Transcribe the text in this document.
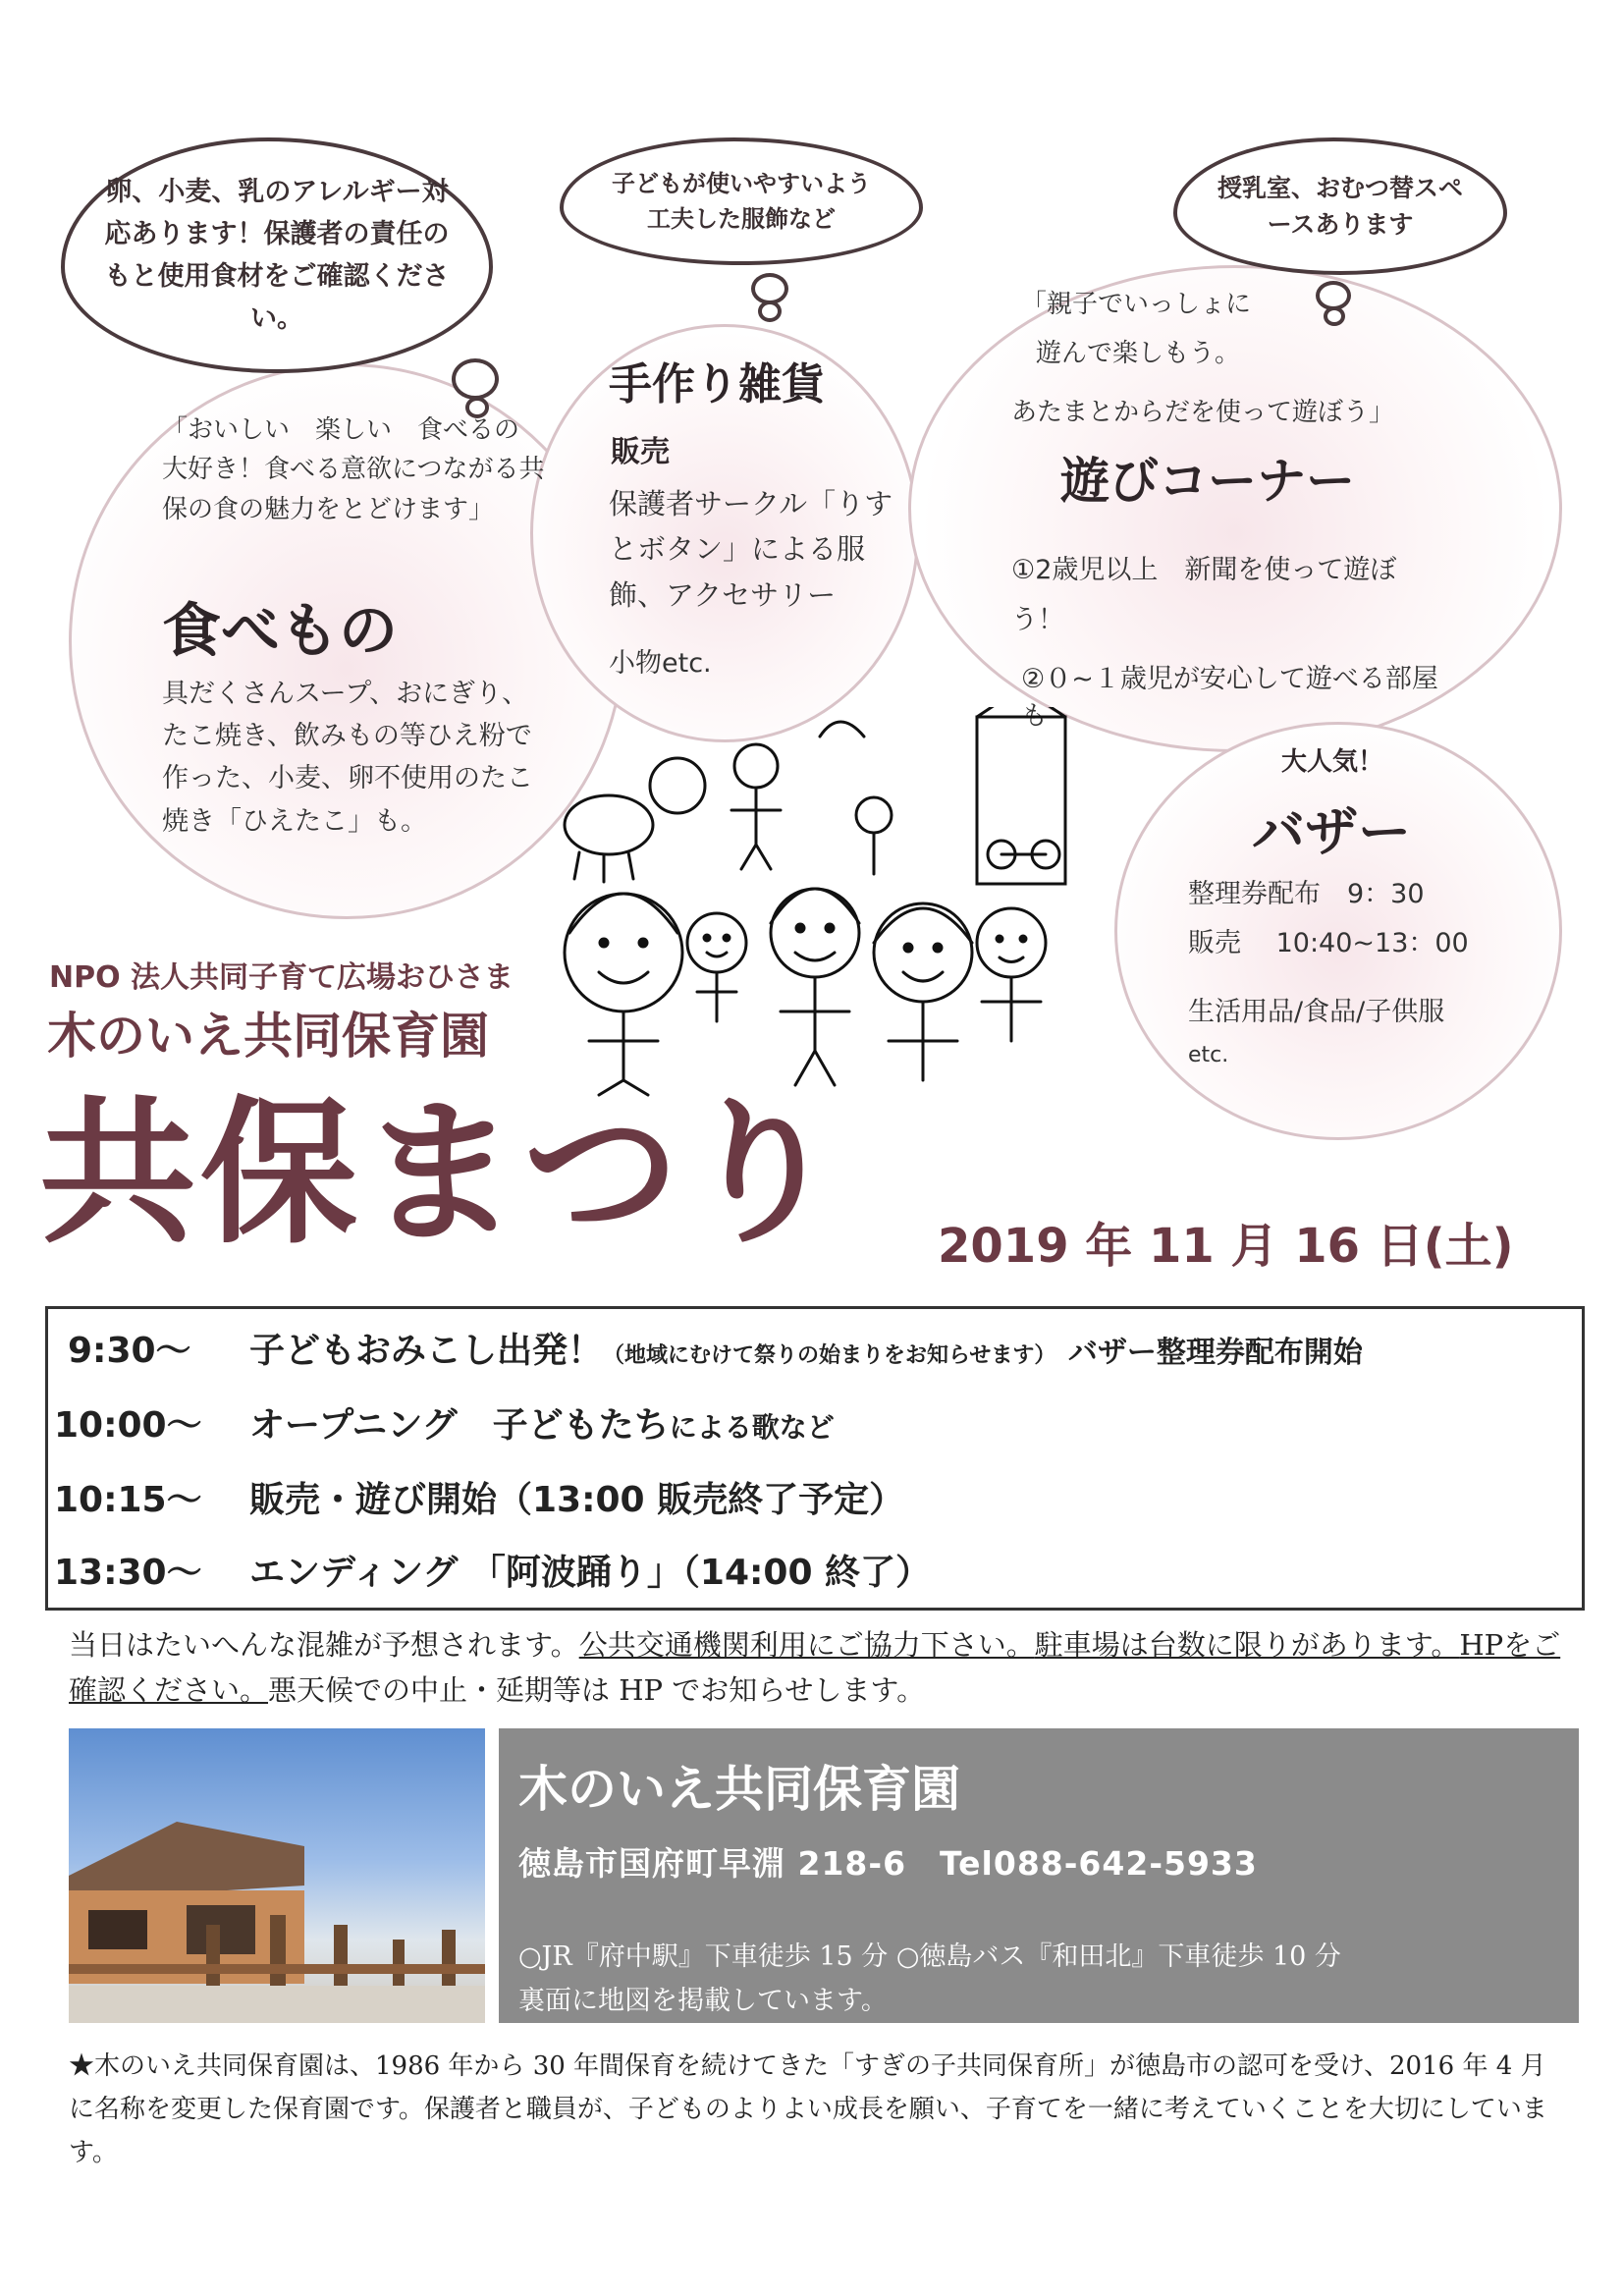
卵、小麦、乳のアレルギー対応あります！保護者の責任のもと使用食材をご確認ください。
子どもが使いやすいよう工夫した服飾など
授乳室、おむつ替スペースあります
「おいしい　楽しい　食べるの　大好き！食べる意欲につながる共保の食の魅力をとどけます」
食べもの
具だくさんスープ、おにぎり、たこ焼き、飲みもの等ひえ粉で作った、小麦、卵不使用のたこ焼き「ひえたこ」も。
手作り雑貨
販売
保護者サークル「りすとボタン」による服飾、アクセサリー
小物etc.
「親子でいっしょに
遊んで楽しもう。
あたまとからだを使って遊ぼう」
遊びコーナー
①2歳児以上　新聞を使って遊ぼう！
②０~１歳児が安心して遊べる部屋も
大人気！
バザー
整理券配布　9：30
販売　 10:40~13：00
生活用品/食品/子供服
etc.
NPO 法人共同子育て広場おひさま
木のいえ共同保育園
共保まつり 2019 年 11 月 16 日(土)
9:30～ 子どもおみこし出発！（地域にむけて祭りの始まりをお知らせます） バザー整理券配布開始
10:00～ オープニング　子どもたちによる歌など
10:15～ 販売・遊び開始（13:00 販売終了予定）
13:30～ エンディング 「阿波踊り」（14:00 終了）
当日はたいへんな混雑が予想されます。公共交通機関利用にご協力下さい。駐車場は台数に限りがあります。HPをご確認ください。悪天候での中止・延期等は HP でお知らせします。
木のいえ共同保育園
徳島市国府町早淵 218-6　Tel088-642-5933
○JR『府中駅』下車徒歩 15 分 ○徳島バス『和田北』下車徒歩 10 分
裏面に地図を掲載しています。
★木のいえ共同保育園は、1986 年から 30 年間保育を続けてきた「すぎの子共同保育所」が徳島市の認可を受け、2016 年 4 月に名称を変更した保育園です。保護者と職員が、子どものよりよい成長を願い、子育てを一緒に考えていくことを大切にしています。
